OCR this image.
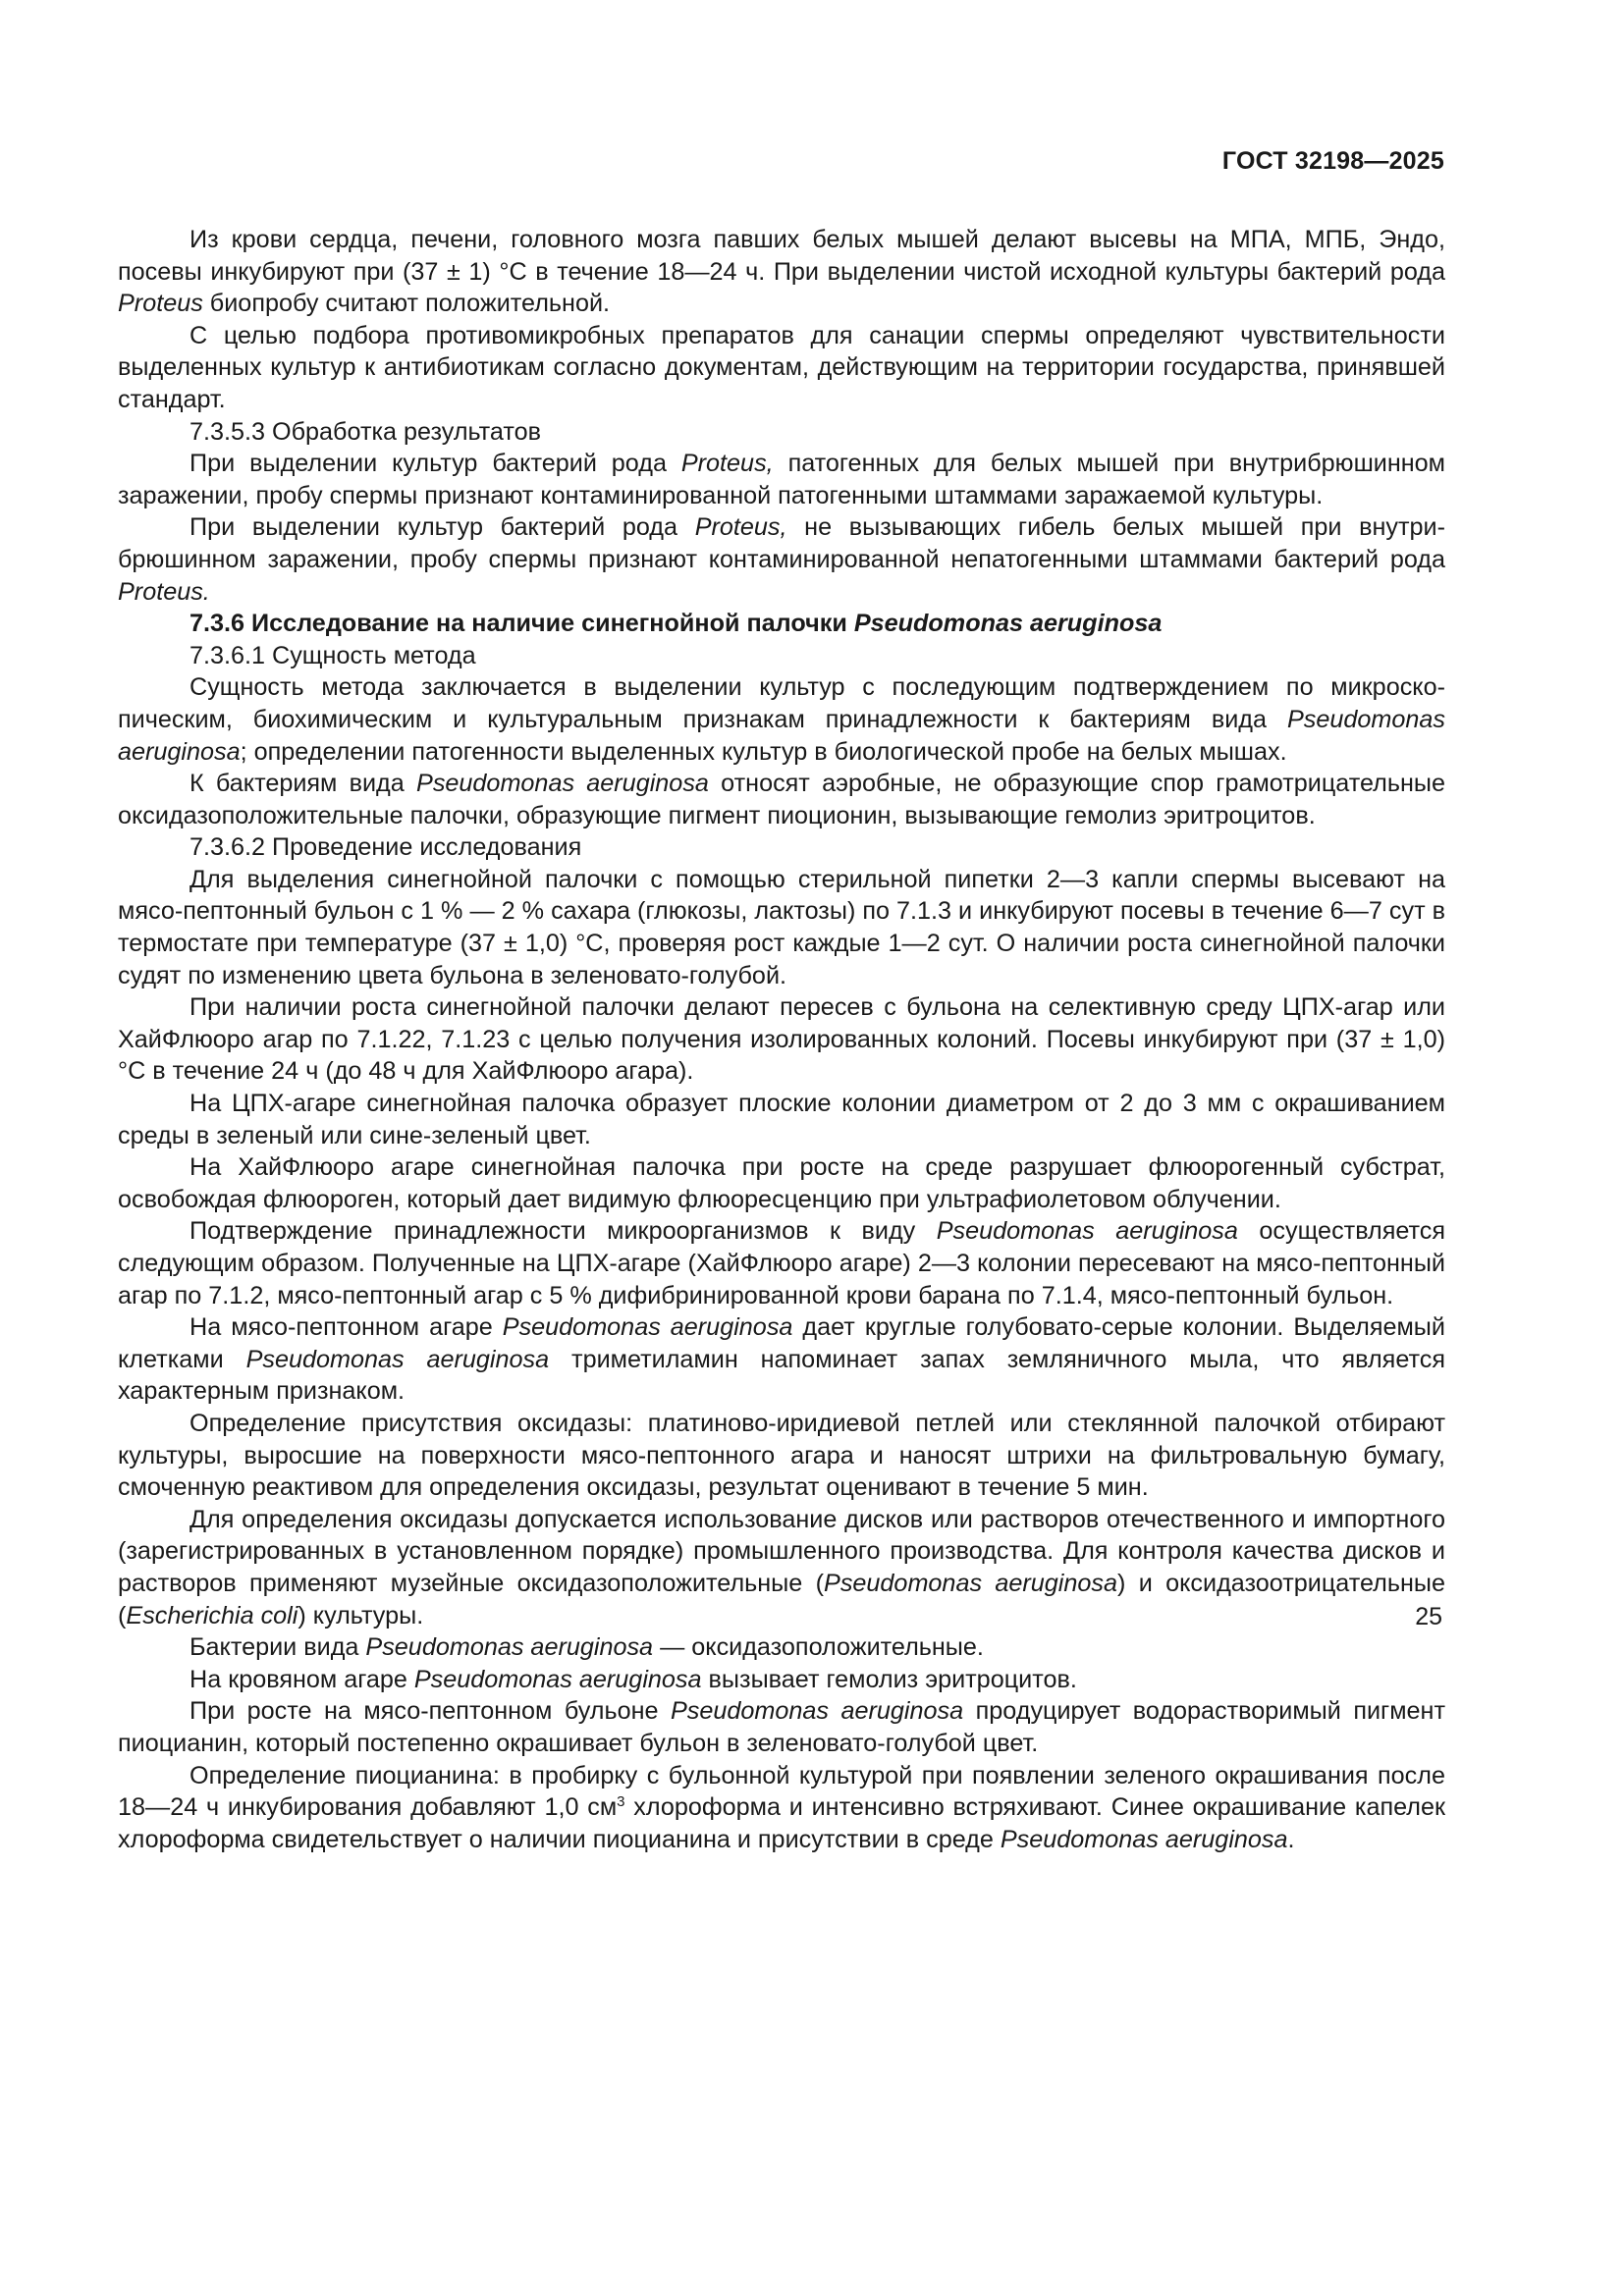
ГОСТ 32198—2025

Из крови сердца, печени, головного мозга павших белых мышей делают высевы на МПА, МПБ, Эндо, посевы инкубируют при (37 ± 1) °С в течение 18—24 ч. При выделении чистой исходной культуры бактерий рода Proteus биопробу считают положительной.

С целью подбора противомикробных препаратов для санации спермы определяют чувствительности выделенных культур к антибиотикам согласно документам, действующим на территории государства, принявшей стандарт.

7.3.5.3 Обработка результатов

При выделении культур бактерий рода Proteus, патогенных для белых мышей при внутрибрюшинном заражении, пробу спермы признают контаминированной патогенными штаммами заражаемой культуры.

При выделении культур бактерий рода Proteus, не вызывающих гибель белых мышей при внутрибрюшинном заражении, пробу спермы признают контаминированной непатогенными штаммами бактерий рода Proteus.

7.3.6 Исследование на наличие синегнойной палочки Pseudomonas aeruginosa

7.3.6.1 Сущность метода

Сущность метода заключается в выделении культур с последующим подтверждением по микроскопическим, биохимическим и культуральным признакам принадлежности к бактериям вида Pseudomonas aeruginosa; определении патогенности выделенных культур в биологической пробе на белых мышах.

К бактериям вида Pseudomonas aeruginosa относят аэробные, не образующие спор грамотрицательные оксидазоположительные палочки, образующие пигмент пиоционин, вызывающие гемолиз эритроцитов.

7.3.6.2 Проведение исследования

Для выделения синегнойной палочки с помощью стерильной пипетки 2—3 капли спермы высевают на мясо-пептонный бульон с 1 % — 2 % сахара (глюкозы, лактозы) по 7.1.3 и инкубируют посевы в течение 6—7 сут в термостате при температуре (37 ± 1,0) °С, проверяя рост каждые 1—2 сут. О наличии роста синегнойной палочки судят по изменению цвета бульона в зеленовато-голубой.

При наличии роста синегнойной палочки делают пересев с бульона на селективную среду ЦПХ-агар или ХайФлюоро агар по 7.1.22, 7.1.23 с целью получения изолированных колоний. Посевы инкубируют при (37 ± 1,0) °С в течение 24 ч (до 48 ч для ХайФлюоро агара).

На ЦПХ-агаре синегнойная палочка образует плоские колонии диаметром от 2 до 3 мм с окрашиванием среды в зеленый или сине-зеленый цвет.

На ХайФлюоро агаре синегнойная палочка при росте на среде разрушает флюорогенный субстрат, освобождая флюороген, который дает видимую флюоресценцию при ультрафиолетовом облучении.

Подтверждение принадлежности микроорганизмов к виду Pseudomonas aeruginosa осуществляется следующим образом. Полученные на ЦПХ-агаре (ХайФлюоро агаре) 2—3 колонии пересевают на мясо-пептонный агар по 7.1.2, мясо-пептонный агар с 5 % дифибринированной крови барана по 7.1.4, мясо-пептонный бульон.

На мясо-пептонном агаре Pseudomonas aeruginosa дает круглые голубовато-серые колонии. Выделяемый клетками Pseudomonas aeruginosa триметиламин напоминает запах земляничного мыла, что является характерным признаком.

Определение присутствия оксидазы: платиново-иридиевой петлей или стеклянной палочкой отбирают культуры, выросшие на поверхности мясо-пептонного агара и наносят штрихи на фильтровальную бумагу, смоченную реактивом для определения оксидазы, результат оценивают в течение 5 мин.

Для определения оксидазы допускается использование дисков или растворов отечественного и импортного (зарегистрированных в установленном порядке) промышленного производства. Для контроля качества дисков и растворов применяют музейные оксидазоположительные (Pseudomonas aeruginosa) и оксидазоотрицательные (Escherichia coli) культуры.

Бактерии вида Pseudomonas aeruginosa — оксидазоположительные.

На кровяном агаре Pseudomonas aeruginosa вызывает гемолиз эритроцитов.

При росте на мясо-пептонном бульоне Pseudomonas aeruginosa продуцирует водорастворимый пигмент пиоцианин, который постепенно окрашивает бульон в зеленовато-голубой цвет.

Определение пиоцианина: в пробирку с бульонной культурой при появлении зеленого окрашивания после 18—24 ч инкубирования добавляют 1,0 $см^3$ хлороформа и интенсивно встряхивают. Синее окрашивание капелек хлороформа свидетельствует о наличии пиоцианина и присутствии в среде Pseudomonas aeruginosa.

25
